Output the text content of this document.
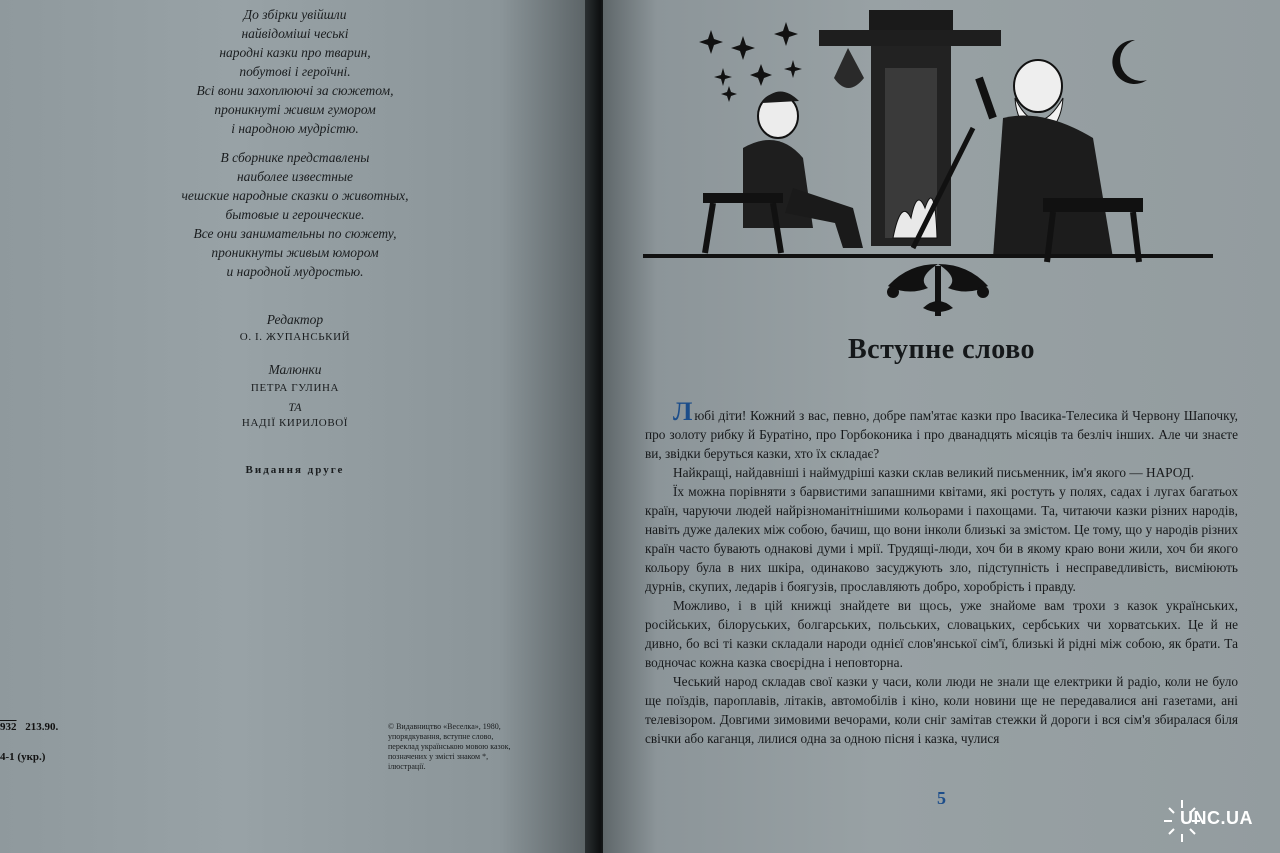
До збірки увійшли

найвідоміші чеські

народні казки про тварин,

побутові і героїчні.

Всі вони захоплюючі за сюжетом,

проникнуті живим гумором

і народною мудрістю.

В сборнике представлены

наиболее известные

чешские народные сказки о животных,

бытовые и героические.

Все они занимательны по сюжету,

проникнуты живым юмором

и народной мудростью.

Редактор
О. І. ЖУПАНСЬКИЙ
Малюнки
ПЕТРА ГУЛИНА
ТА
НАДІЇ КИРИЛОВОЇ
Видання друге
932 213.90.
4-1 (укр.)
© Видавництво «Веселка», 1980,
упорядкування, вступне слово,
переклад українською мовою казок,
позначених у змісті знаком *,
ілюстрації.
Вступне слово

Любі діти! Кожний з вас, певно, добре пам'ятає казки про Івасика-Телесика й Червону Шапочку, про золоту рибку й Буратіно, про Горбоконика і про дванадцять місяців та безліч інших. Але чи знаєте ви, звідки беруться казки, хто їх складає?

Найкращі, найдавніші і наймудріші казки склав великий письменник, ім'я якого — НАРОД.

Їх можна порівняти з барвистими запашними квітами, які ростуть у полях, садах і лугах багатьох країн, чаруючи людей найрізноманітнішими кольорами і пахощами. Та, читаючи казки різних народів, навіть дуже далеких між собою, бачиш, що вони інколи близькі за змістом. Це тому, що у народів різних країн часто бувають однакові думи і мрії. Трудящі-люди, хоч би в якому краю вони жили, хоч би якого кольору була в них шкіра, одинаково засуджують зло, підступність і несправедливість, висміюють дурнів, скупих, ледарів і боягузів, прославляють добро, хоробрість і правду.

Можливо, і в цій книжці знайдете ви щось, уже знайоме вам трохи з казок українських, російських, білоруських, болгарських, польських, словацьких, сербських чи хорватських. Це й не дивно, бо всі ті казки складали народи однієї слов'янської сім'ї, близькі й рідні між собою, як брати. Та водночас кожна казка своєрідна і неповторна.

Чеський народ складав свої казки у часи, коли люди не знали ще електрики й радіо, коли не було ще поїздів, пароплавів, літаків, автомобілів і кіно, коли новини ще не передавалися ані газетами, ані телевізором. Довгими зимовими вечорами, коли сніг замітав стежки й дороги і вся сім'я збиралася біля свічки або каганця, лилися одна за одною пісня і казка, чулися

5
UNC.UA
